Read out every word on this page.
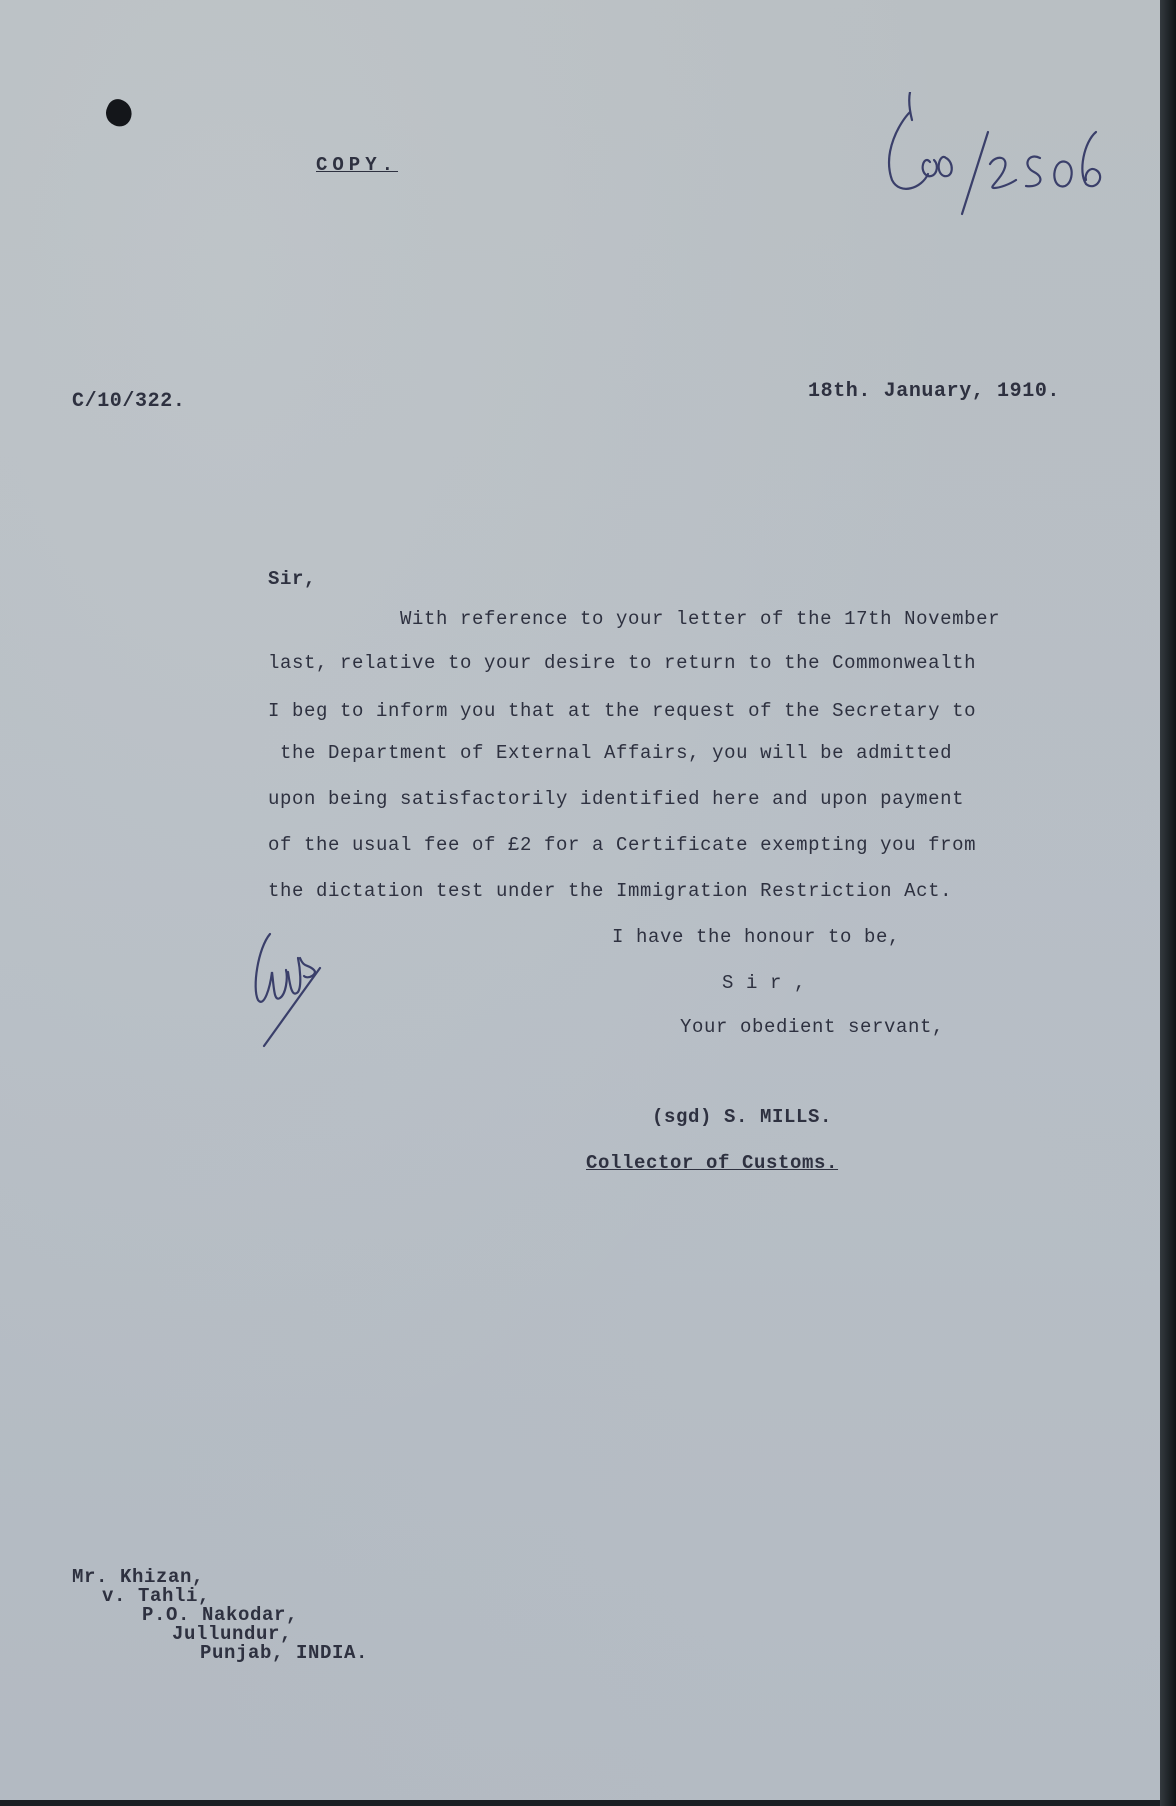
COPY.
C/10/322.	18th. January, 1910.
Sir,
With reference to your letter of the 17th November
last, relative to your desire to return to the Commonwealth
I beg to inform you that at the request of the Secretary to
the Department of External Affairs, you will be admitted
upon being satisfactorily identified here and upon payment
of the usual fee of £2 for a Certificate exempting you from
the dictation test under the Immigration Restriction Act.
I have the honour to be,
S i r ,
Your obedient servant,
(sgd) S. MILLS.
Collector of Customs.
Mr. Khizan,
v. Tahli,
P.O. Nakodar,
Jullundur,
Punjab, INDIA.
